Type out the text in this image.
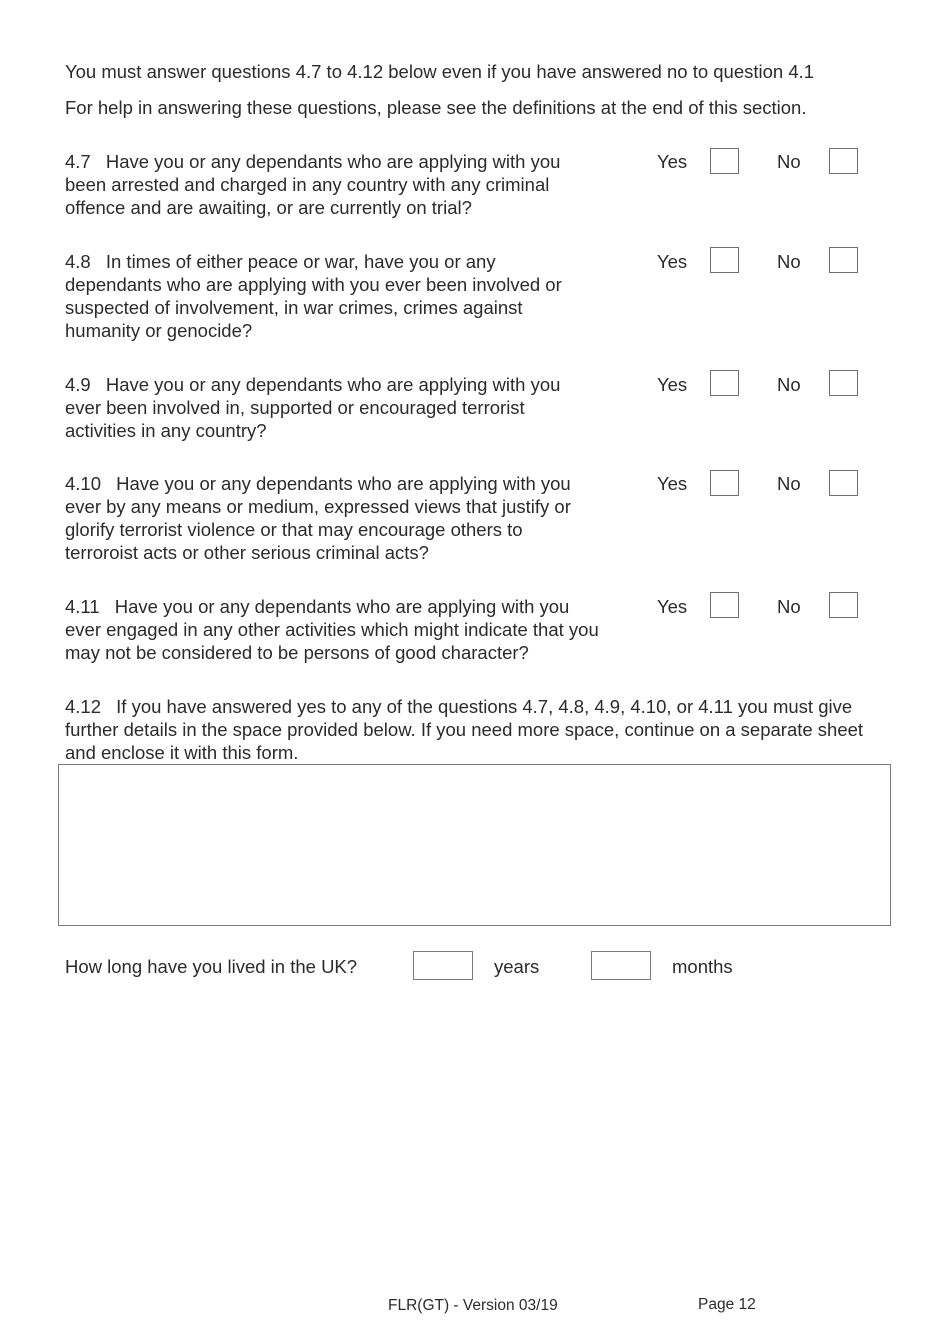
You must answer questions 4.7 to 4.12 below even if you have answered no to question 4.1
For help in answering these questions, please see the definitions at the end of this section.
4.7 Have you or any dependants who are applying with you been arrested and charged in any country with any criminal offence and are awaiting, or are currently on trial?
Yes	No
4.8 In times of either peace or war, have you or any dependants who are applying with you ever been involved or suspected of involvement, in war crimes, crimes against humanity or genocide?
Yes	No
4.9 Have you or any dependants who are applying with you ever been involved in, supported or encouraged terrorist activities in any country?
Yes	No
4.10 Have you or any dependants who are applying with you ever by any means or medium, expressed views that justify or glorify terrorist violence or that may encourage others to terroroist acts or other serious criminal acts?
Yes	No
4.11 Have you or any dependants who are applying with you ever engaged in any other activities which might indicate that you may not be considered to be persons of good character?
Yes	No
4.12 If you have answered yes to any of the questions 4.7, 4.8, 4.9, 4.10, or 4.11 you must give further details in the space provided below. If you need more space, continue on a separate sheet and enclose it with this form.
How long have you lived in the UK?	years	months
FLR(GT) - Version 03/19	Page 12
